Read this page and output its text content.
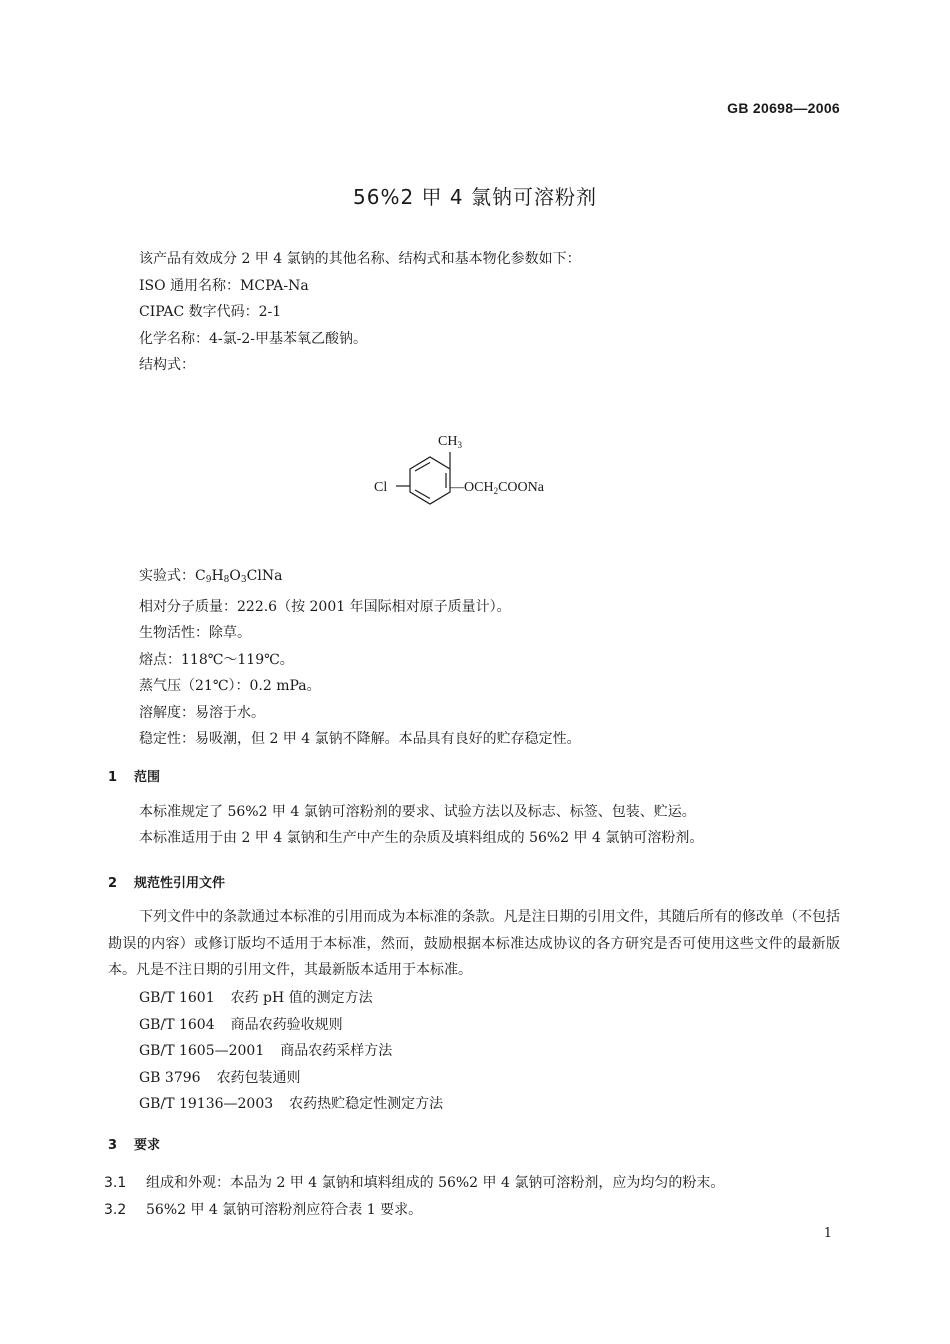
GB 20698—2006
56%2 甲 4 氯钠可溶粉剂

该产品有效成分 2 甲 4 氯钠的其他名称、结构式和基本物化参数如下：

ISO 通用名称：MCPA-Na

CIPAC 数字代码：2-1

化学名称：4-氯-2-甲基苯氧乙酸钠。

结构式：

$CH_3$
Cl	$—OCH_2COONa$

实验式：$C_9H_8O_3ClNa$

相对分子质量：222.6（按 2001 年国际相对原子质量计）。

生物活性：除草。

熔点：118℃～119℃。

蒸气压（21℃）：0.2 mPa。

溶解度：易溶于水。

稳定性：易吸潮，但 2 甲 4 氯钠不降解。本品具有良好的贮存稳定性。

1 范围

本标准规定了 56%2 甲 4 氯钠可溶粉剂的要求、试验方法以及标志、标签、包装、贮运。

本标准适用于由 2 甲 4 氯钠和生产中产生的杂质及填料组成的 56%2 甲 4 氯钠可溶粉剂。

2 规范性引用文件

下列文件中的条款通过本标准的引用而成为本标准的条款。凡是注日期的引用文件，其随后所有的修改单（不包括勘误的内容）或修订版均不适用于本标准，然而，鼓励根据本标准达成协议的各方研究是否可使用这些文件的最新版本。凡是不注日期的引用文件，其最新版本适用于本标准。

GB/T 1601 农药 pH 值的测定方法

GB/T 1604 商品农药验收规则

GB/T 1605—2001 商品农药采样方法

GB 3796 农药包装通则

GB/T 19136—2003 农药热贮稳定性测定方法

3 要求
3.1 组成和外观：本品为 2 甲 4 氯钠和填料组成的 56%2 甲 4 氯钠可溶粉剂，应为均匀的粉末。
3.2 56%2 甲 4 氯钠可溶粉剂应符合表 1 要求。
1
